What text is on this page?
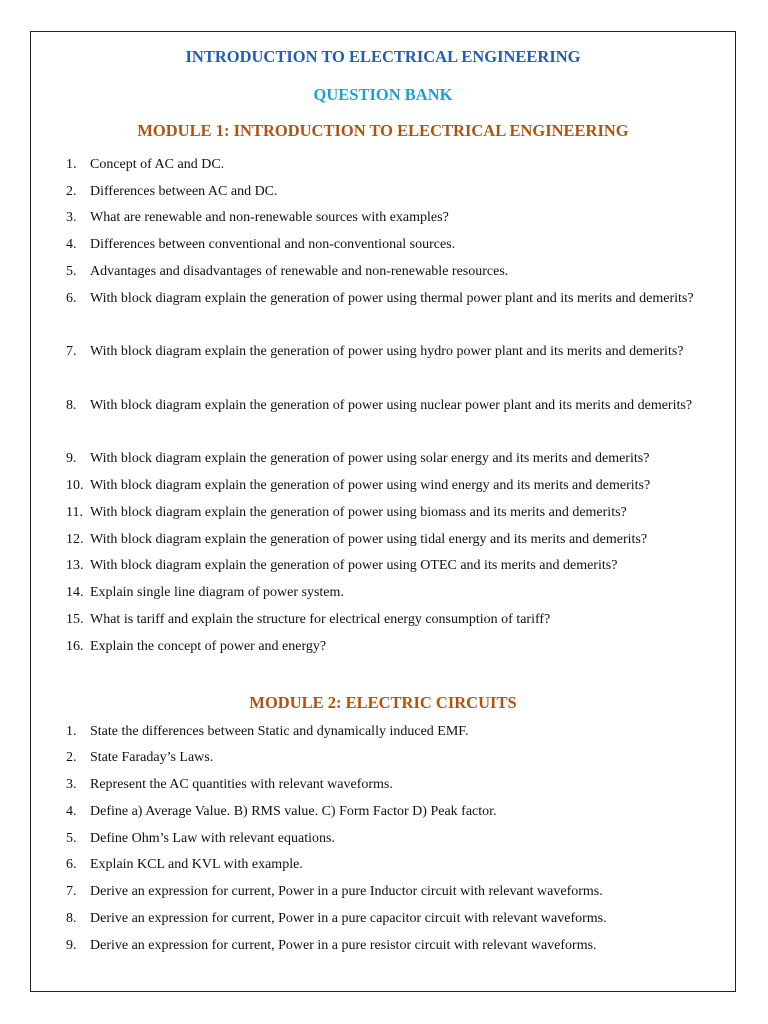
INTRODUCTION TO ELECTRICAL ENGINEERING
QUESTION BANK
MODULE 1: INTRODUCTION TO ELECTRICAL ENGINEERING
1. Concept of AC and DC.
2. Differences between AC and DC.
3. What are renewable and non-renewable sources with examples?
4. Differences between conventional and non-conventional sources.
5. Advantages and disadvantages of renewable and non-renewable resources.
6. With block diagram explain the generation of power using thermal power plant and its merits and demerits?
7. With block diagram explain the generation of power using hydro power plant and its merits and demerits?
8. With block diagram explain the generation of power using nuclear power plant and its merits and demerits?
9. With block diagram explain the generation of power using solar energy and its merits and demerits?
10. With block diagram explain the generation of power using wind energy and its merits and demerits?
11. With block diagram explain the generation of power using biomass and its merits and demerits?
12. With block diagram explain the generation of power using tidal energy and its merits and demerits?
13. With block diagram explain the generation of power using OTEC and its merits and demerits?
14. Explain single line diagram of power system.
15. What is tariff and explain the structure for electrical energy consumption of tariff?
16. Explain the concept of power and energy?
MODULE 2: ELECTRIC CIRCUITS
1. State the differences between Static and dynamically induced EMF.
2. State Faraday’s Laws.
3. Represent the AC quantities with relevant waveforms.
4. Define a) Average Value. B) RMS value. C) Form Factor D) Peak factor.
5. Define Ohm’s Law with relevant equations.
6. Explain KCL and KVL with example.
7. Derive an expression for current, Power in a pure Inductor circuit with relevant waveforms.
8. Derive an expression for current, Power in a pure capacitor circuit with relevant waveforms.
9. Derive an expression for current, Power in a pure resistor circuit with relevant waveforms.
